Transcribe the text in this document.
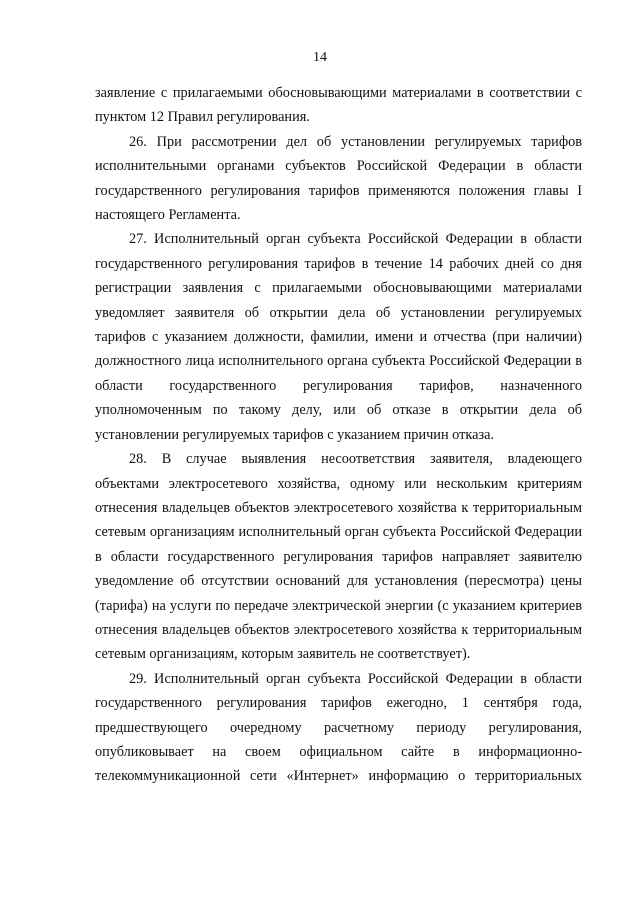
14

заявление с прилагаемыми обосновывающими материалами в соответствии с пунктом 12 Правил регулирования.

26. При рассмотрении дел об установлении регулируемых тарифов исполнительными органами субъектов Российской Федерации в области государственного регулирования тарифов применяются положения главы I настоящего Регламента.

27. Исполнительный орган субъекта Российской Федерации в области государственного регулирования тарифов в течение 14 рабочих дней со дня регистрации заявления с прилагаемыми обосновывающими материалами уведомляет заявителя об открытии дела об установлении регулируемых тарифов с указанием должности, фамилии, имени и отчества (при наличии) должностного лица исполнительного органа субъекта Российской Федерации в области государственного регулирования тарифов, назначенного уполномоченным по такому делу, или об отказе в открытии дела об установлении регулируемых тарифов с указанием причин отказа.

28. В случае выявления несоответствия заявителя, владеющего объектами электросетевого хозяйства, одному или нескольким критериям отнесения владельцев объектов электросетевого хозяйства к территориальным сетевым организациям исполнительный орган субъекта Российской Федерации в области государственного регулирования тарифов направляет заявителю уведомление об отсутствии оснований для установления (пересмотра) цены (тарифа) на услуги по передаче электрической энергии (с указанием критериев отнесения владельцев объектов электросетевого хозяйства к территориальным сетевым организациям, которым заявитель не соответствует).

29. Исполнительный орган субъекта Российской Федерации в области государственного регулирования тарифов ежегодно, 1 сентября года, предшествующего очередному расчетному периоду регулирования, опубликовывает на своем официальном сайте в информационно-телекоммуникационной сети «Интернет» информацию о территориальных
